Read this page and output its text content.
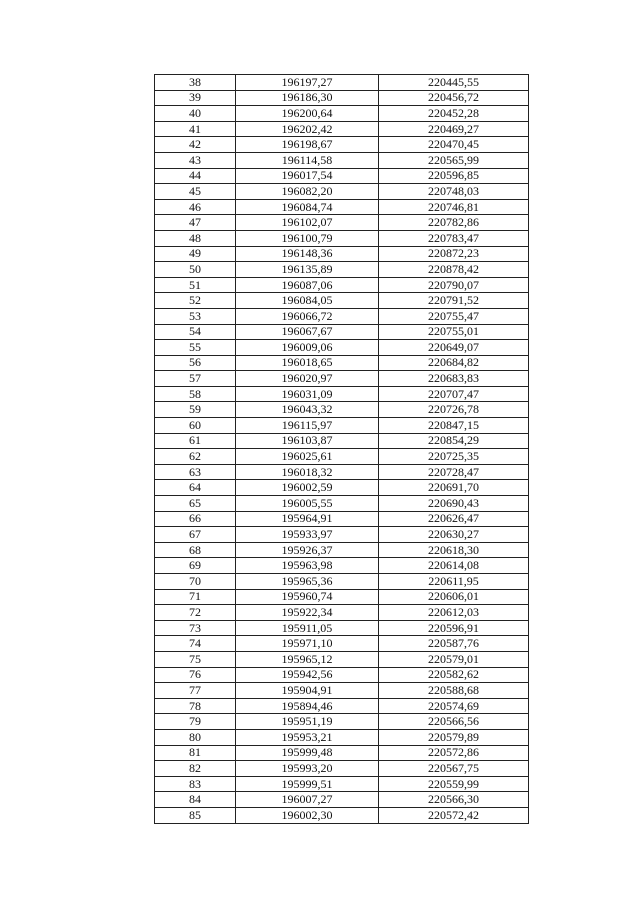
38	196197,27	220445,55
39	196186,30	220456,72
40	196200,64	220452,28
41	196202,42	220469,27
42	196198,67	220470,45
43	196114,58	220565,99
44	196017,54	220596,85
45	196082,20	220748,03
46	196084,74	220746,81
47	196102,07	220782,86
48	196100,79	220783,47
49	196148,36	220872,23
50	196135,89	220878,42
51	196087,06	220790,07
52	196084,05	220791,52
53	196066,72	220755,47
54	196067,67	220755,01
55	196009,06	220649,07
56	196018,65	220684,82
57	196020,97	220683,83
58	196031,09	220707,47
59	196043,32	220726,78
60	196115,97	220847,15
61	196103,87	220854,29
62	196025,61	220725,35
63	196018,32	220728,47
64	196002,59	220691,70
65	196005,55	220690,43
66	195964,91	220626,47
67	195933,97	220630,27
68	195926,37	220618,30
69	195963,98	220614,08
70	195965,36	220611,95
71	195960,74	220606,01
72	195922,34	220612,03
73	195911,05	220596,91
74	195971,10	220587,76
75	195965,12	220579,01
76	195942,56	220582,62
77	195904,91	220588,68
78	195894,46	220574,69
79	195951,19	220566,56
80	195953,21	220579,89
81	195999,48	220572,86
82	195993,20	220567,75
83	195999,51	220559,99
84	196007,27	220566,30
85	196002,30	220572,42
